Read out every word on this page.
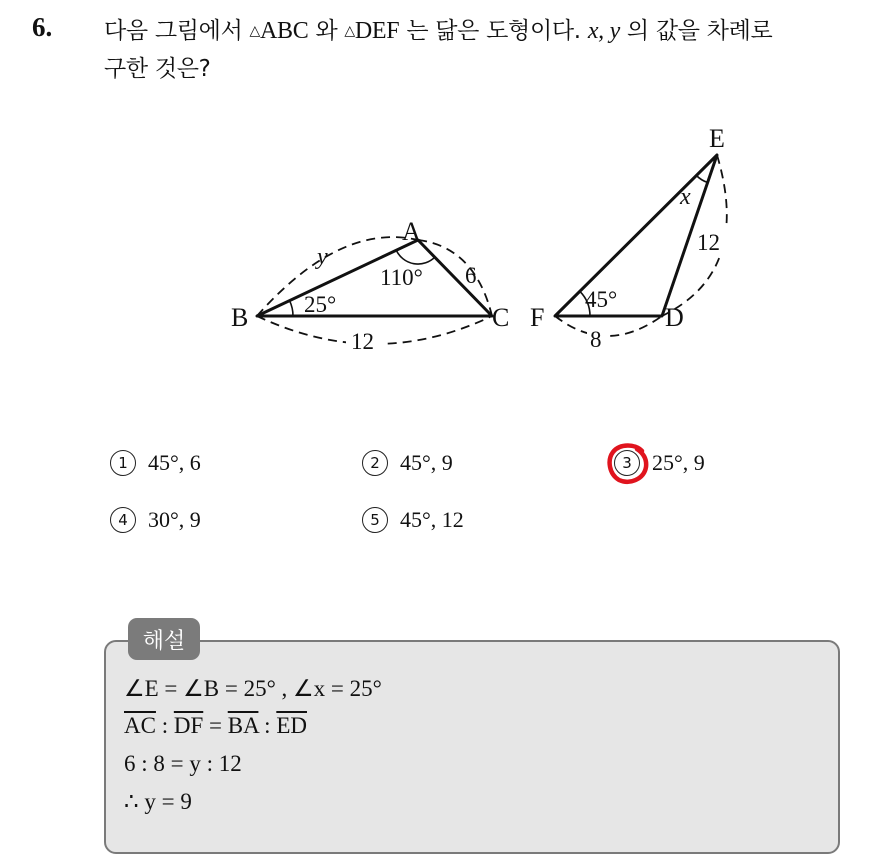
6. 다음 그림에서 △ABC 와 △DEF 는 닮은 도형이다. x, y 의 값을 차례로
구한 것은?
A
B	C
110°
25°
y
6
12
E
F	D
x
45°
12
8
1 45°, 6	2 45°, 9	3 25°, 9
4 30°, 9	5 45°, 12
해설
∠E = ∠B = 25° , ∠x = 25°
$\overline{AC}$ : $\overline{DF} = \overline{BA}$ : $\overline{ED}$
6 : 8 = y : 12
∴ y = 9
